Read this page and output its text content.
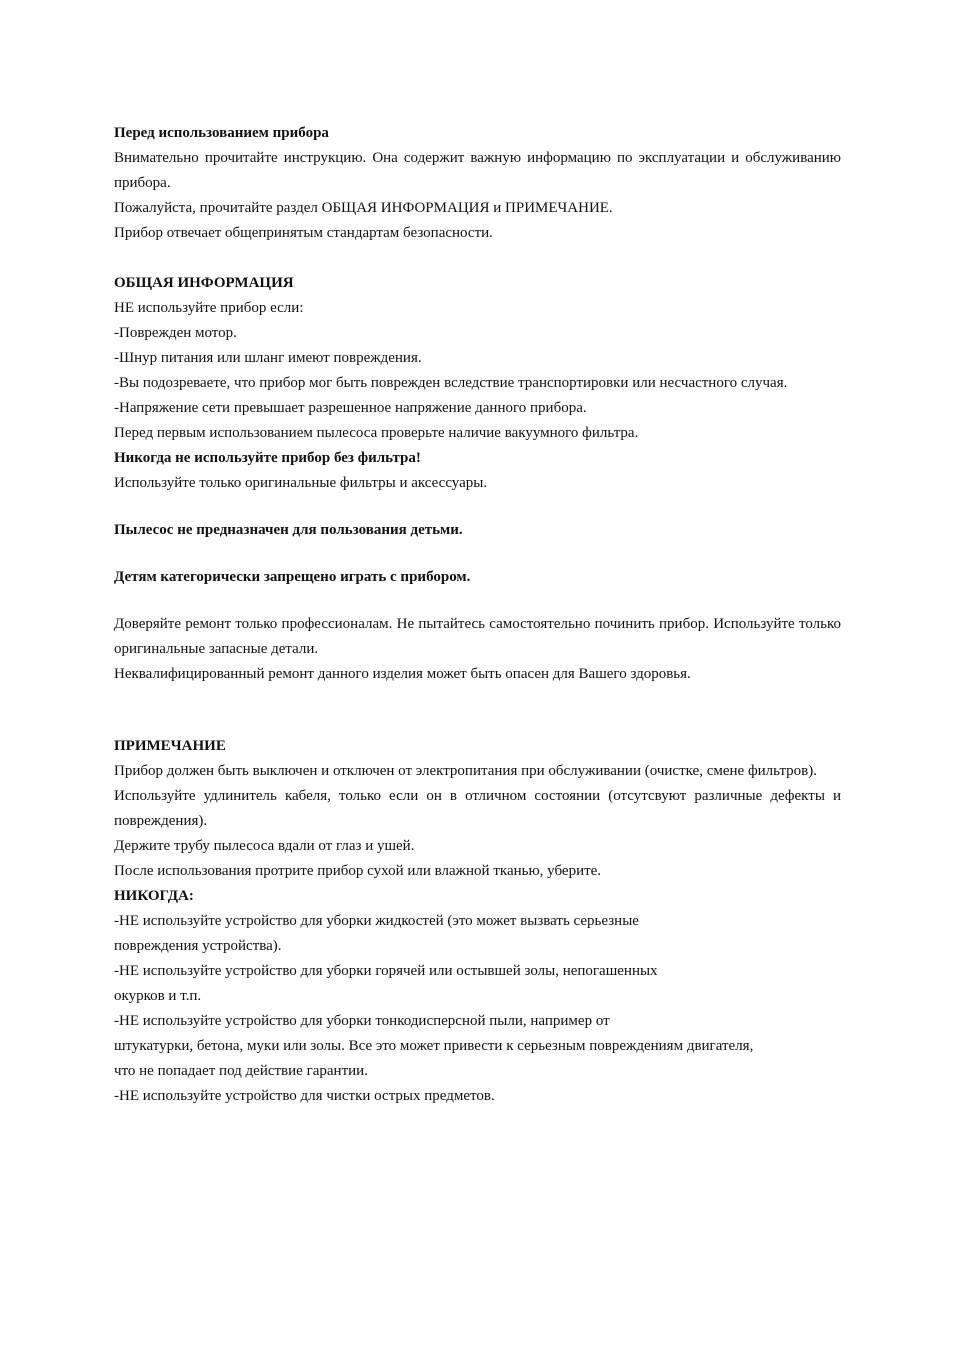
Перед использованием прибора
Внимательно прочитайте инструкцию. Она содержит важную информацию по эксплуатации и обслуживанию прибора.
Пожалуйста, прочитайте раздел ОБЩАЯ ИНФОРМАЦИЯ и ПРИМЕЧАНИЕ.
Прибор отвечает общепринятым стандартам безопасности.
ОБЩАЯ ИНФОРМАЦИЯ
НЕ используйте прибор если:
-Поврежден мотор.
-Шнур питания или шланг имеют повреждения.
-Вы подозреваете, что прибор мог быть поврежден вследствие транспортировки или несчастного случая.
-Напряжение сети превышает разрешенное напряжение данного прибора.
Перед первым использованием пылесоса проверьте наличие вакуумного фильтра.
Никогда не используйте прибор без фильтра!
Используйте только оригинальные фильтры и аксессуары.
Пылесос не предназначен для пользования детьми.
Детям категорически запрещено играть с прибором.
Доверяйте ремонт только профессионалам. Не пытайтесь самостоятельно починить прибор. Используйте только оригинальные запасные детали.
Неквалифицированный ремонт данного изделия может быть опасен для Вашего здоровья.
ПРИМЕЧАНИЕ
Прибор должен быть выключен и отключен от электропитания при обслуживании (очистке, смене фильтров).
Используйте удлинитель кабеля, только если он в отличном состоянии (отсутсвуют различные дефекты и повреждения).
Держите трубу пылесоса вдали от глаз и ушей.
После использования протрите прибор сухой или влажной тканью, уберите.
НИКОГДА:
-НЕ используйте устройство для уборки жидкостей (это может вызвать серьезные
повреждения устройства).
-НЕ используйте устройство для уборки горячей или остывшей золы, непогашенных
окурков и т.п.
-НЕ используйте устройство для уборки тонкодисперсной пыли, например от
штукатурки, бетона, муки или золы. Все это может привести к серьезным повреждениям двигателя,
что не попадает под действие гарантии.
-НЕ используйте устройство для чистки острых предметов.
